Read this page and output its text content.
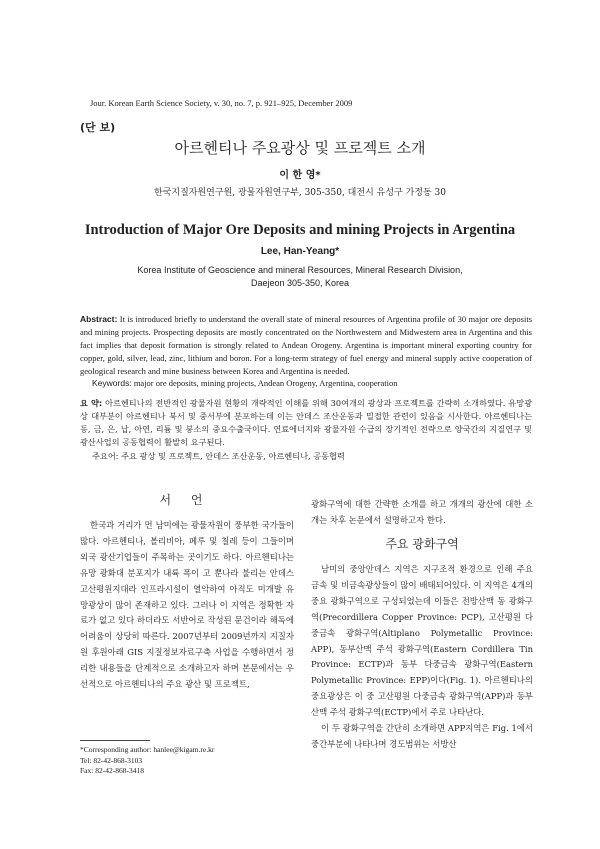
Jour. Korean Earth Science Society, v. 30, no. 7, p. 921–925, December 2009
(단 보)
아르헨티나 주요광상 및 프로젝트 소개
이 한 영*
한국지질자원연구원, 광물자원연구부, 305-350, 대전시 유성구 가정동 30
Introduction of Major Ore Deposits and mining Projects in Argentina
Lee, Han-Yeang*
Korea Institute of Geoscience and mineral Resources, Mineral Research Division,
Daejeon 305-350, Korea
Abstract: It is introduced briefly to understand the overall state of mineral resources of Argentina profile of 30 major ore deposits and mining projects. Prospecting deposits are mostly concentrated on the Northwestern and Midwestern area in Argentina and this fact implies that deposit formation is strongly related to Andean Orogeny. Argentina is important mineral exporting country for copper, gold, silver, lead, zinc, lithium and boron. For a long-term strategy of fuel energy and mineral supply active cooperation of geological research and mine business between Korea and Argentina is needed.
Keywords: major ore deposits, mining projects, Andean Orogeny, Argentina, cooperation
요 약: 아르헨티나의 전반적인 광물자원 현황의 개략적인 이해를 위해 30여개의 광상과 프로젝트를 간략히 소개하였다. 유망광상 대부분이 아르헨티나 북서 및 중서부에 분포하는데 이는 안데스 조산운동과 밀접한 관련이 있음을 시사한다. 아르헨티나는 동, 금, 은, 납, 아연, 리튬 및 붕소의 중요수출국이다. 연료에너지와 광물자원 수급의 장기적인 전략으로 양국간의 지질연구 및 광산사업의 공동협력이 활발히 요구된다.
주요어: 주요 광상 및 프로젝트, 안데스 조산운동, 아르헨티나, 공동협력
서 언

한국과 거리가 먼 남미에는 광물자원이 풍부한 국가들이 많다. 아르헨티나, 볼리비아, 페루 및 칠레 등이 그들이며 외국 광산기업들이 주목하는 곳이기도 하다. 아르헨티나는 유망 광화대 분포지가 내륙 폭이 고 뿐나라 불리는 안데스 고산평원지대라 인프라시설이 열악하여 아직도 미개발 유망광상이 많이 존재하고 있다. 그러나 이 지역은 정확한 자료가 없고 있다 하더라도 서반어로 작성된 문건이라 해독에 어려움이 상당히 따른다. 2007년부터 2009년까지 지질자원 후원아래 GIS 지질정보자료구축 사업을 수행하면서 정리한 내용들을 단계적으로 소개하고자 하며 본문에서는 우선적으로 아르헨티나의 주요 광산 및 프로젝트,

광화구역에 대한 간략한 소개를 하고 개개의 광산에 대한 소개는 차후 논문에서 설명하고자 한다.

주요 광화구역

남미의 중앙안데스 지역은 지구조적 환경으로 인해 주요 금속 및 비금속광상들이 많이 배태되어있다. 이 지역은 4개의 중요 광화구역으로 구성되었는데 이들은 전방산맥 동 광화구역(Precordillera Copper Province: PCP), 고산평원 다중금속 광화구역(Altiplano Polymetallic Province: APP), 동부산맥 주석 광화구역(Eastern Cordillera Tin Province: ECTP)과 동부 다중금속 광화구역(Eastern Polymetallic Province: EPP)이다(Fig. 1). 아르헨티나의 중요광상은 이 중 고산평원 다중금속 광화구역(APP)과 동부산맥 주석 광화구역(ECTP)에서 주로 나타난다.

이 두 광화구역을 간단히 소개하면 APP지역은 Fig. 1에서 중간부분에 나타나며 경도범위는 서방산

*Corresponding author: hanlee@kigam.re.kr
Tel: 82-42-868-3103
Fax: 82-42-868-3418
